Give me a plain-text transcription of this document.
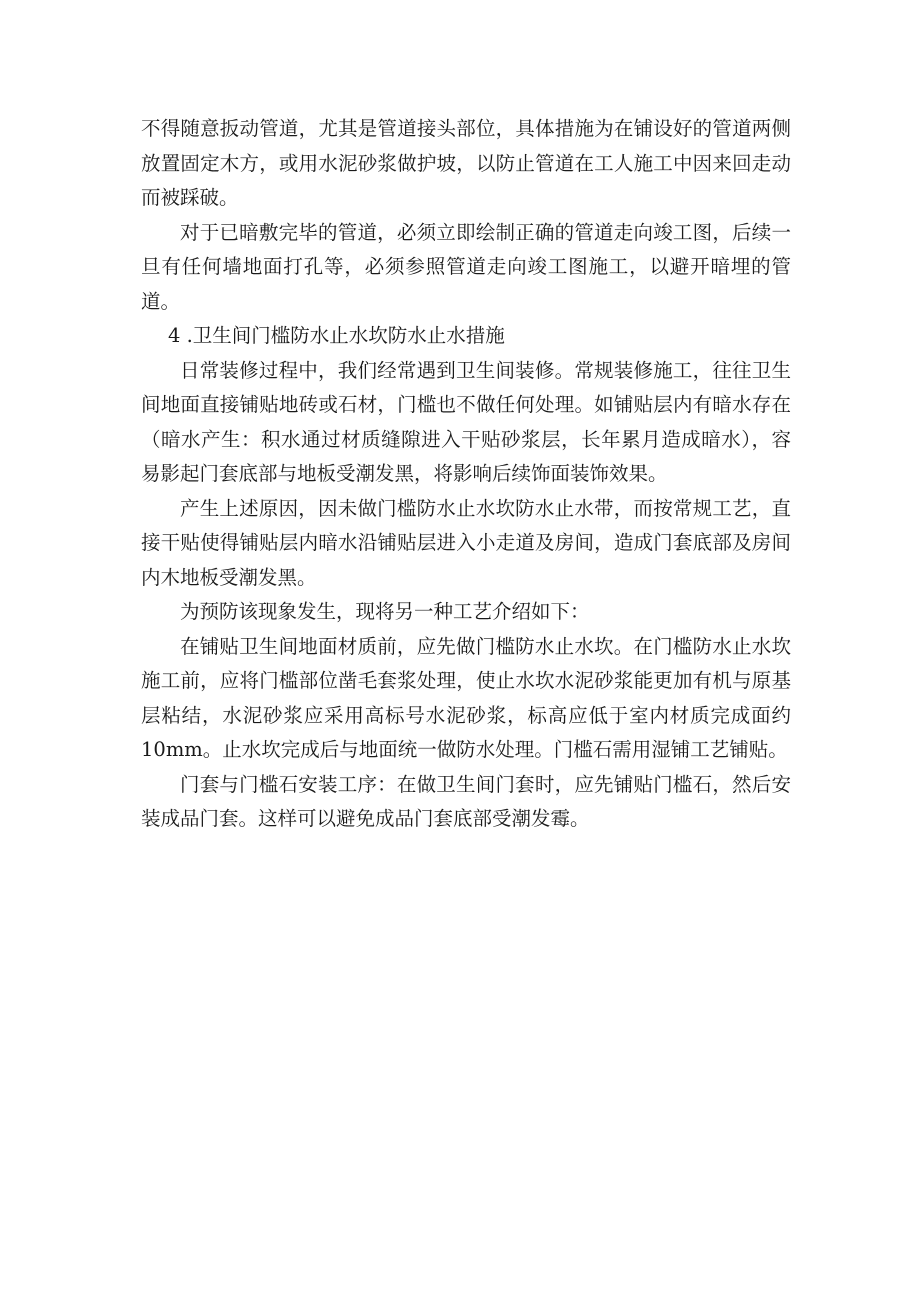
不得随意扳动管道，尤其是管道接头部位，具体措施为在铺设好的管道两侧放置固定木方，或用水泥砂浆做护坡，以防止管道在工人施工中因来回走动而被踩破。

对于已暗敷完毕的管道，必须立即绘制正确的管道走向竣工图，后续一旦有任何墙地面打孔等，必须参照管道走向竣工图施工，以避开暗埋的管道。

4 .卫生间门槛防水止水坎防水止水措施

日常装修过程中，我们经常遇到卫生间装修。常规装修施工，往往卫生间地面直接铺贴地砖或石材，门槛也不做任何处理。如铺贴层内有暗水存在（暗水产生：积水通过材质缝隙进入干贴砂浆层，长年累月造成暗水），容易影起门套底部与地板受潮发黑，将影响后续饰面装饰效果。

产生上述原因，因未做门槛防水止水坎防水止水带，而按常规工艺，直接干贴使得铺贴层内暗水沿铺贴层进入小走道及房间，造成门套底部及房间内木地板受潮发黑。

为预防该现象发生，现将另一种工艺介绍如下：

在铺贴卫生间地面材质前，应先做门槛防水止水坎。在门槛防水止水坎施工前，应将门槛部位凿毛套浆处理，使止水坎水泥砂浆能更加有机与原基层粘结，水泥砂浆应采用高标号水泥砂浆，标高应低于室内材质完成面约 10mm。止水坎完成后与地面统一做防水处理。门槛石需用湿铺工艺铺贴。

门套与门槛石安装工序：在做卫生间门套时，应先铺贴门槛石，然后安装成品门套。这样可以避免成品门套底部受潮发霉。
